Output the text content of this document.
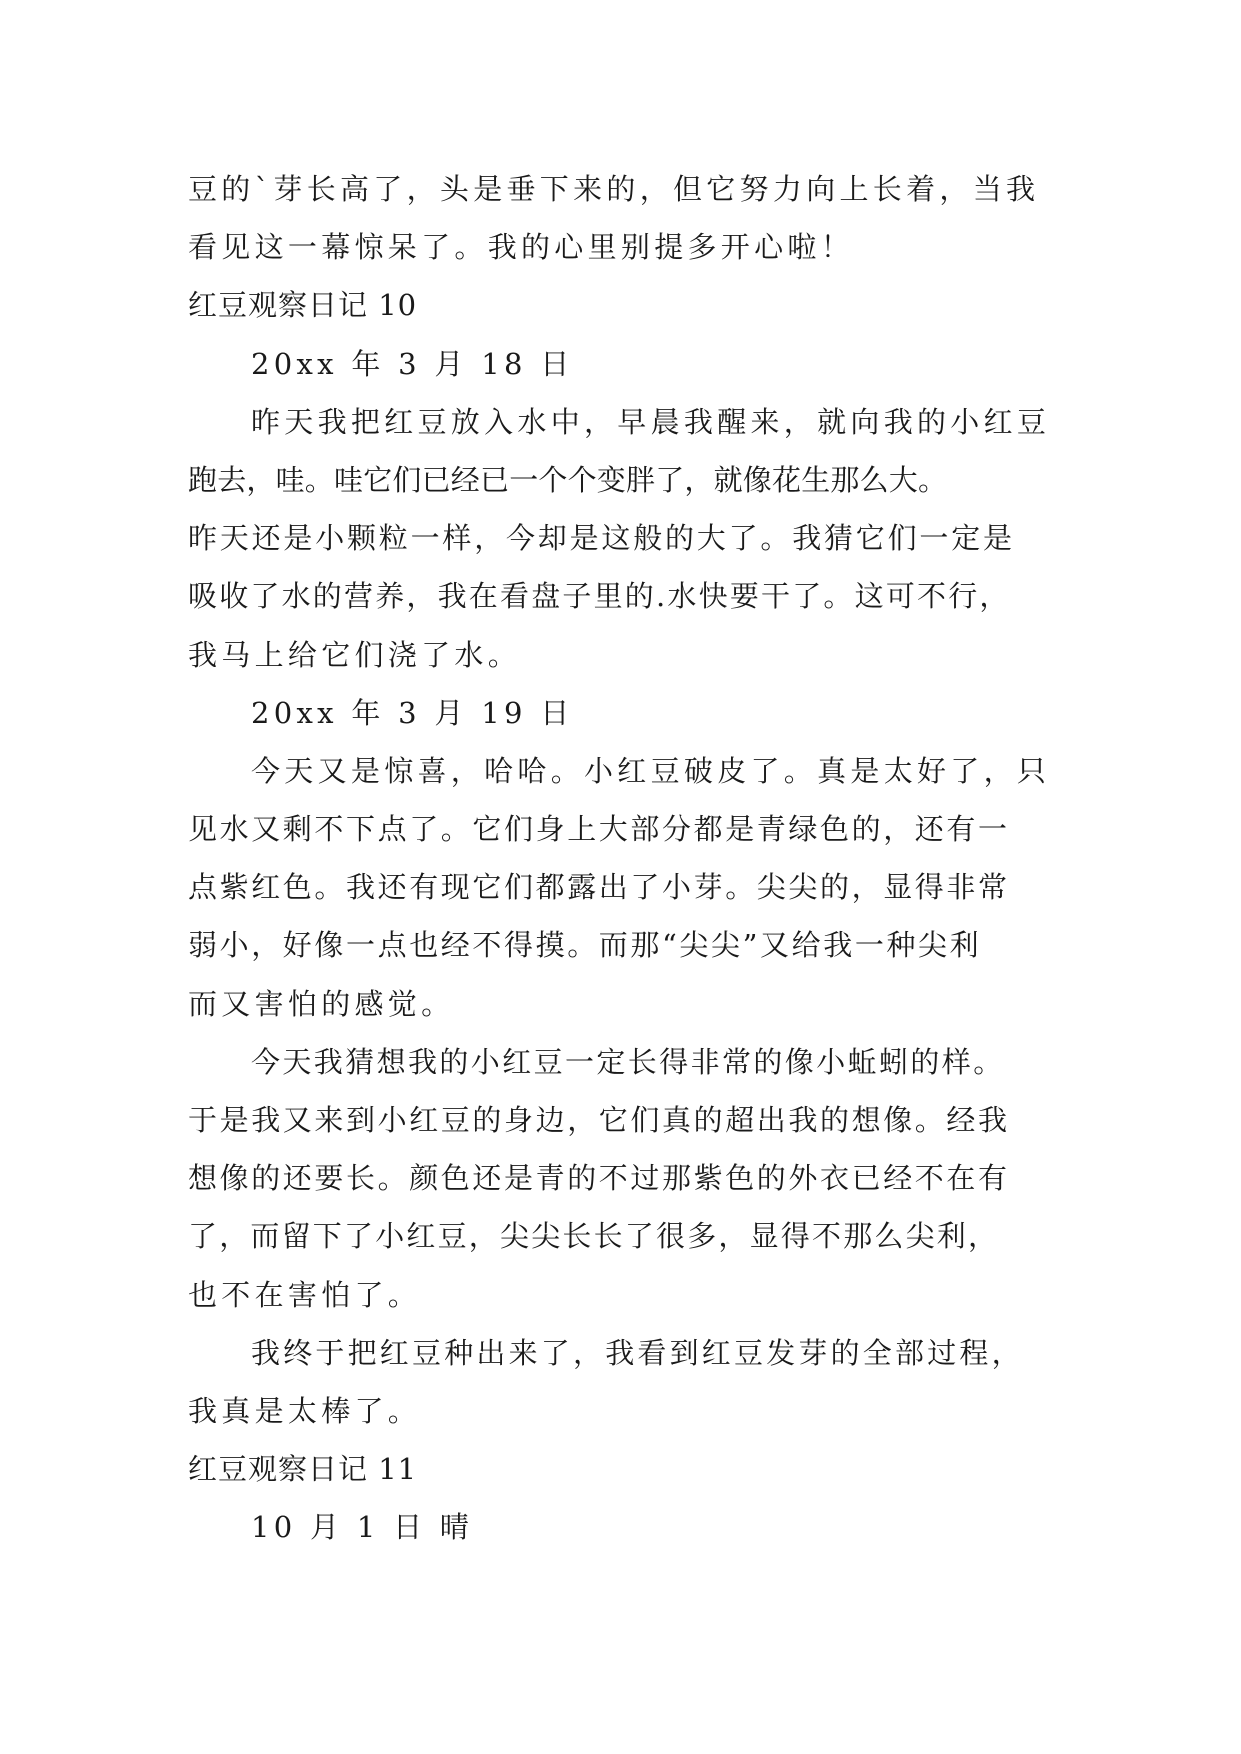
豆的`芽长高了，头是垂下来的，但它努力向上长着，当我
看见这一幕惊呆了。我的心里别提多开心啦！
红豆观察日记 10
20xx 年 3 月 18 日
昨天我把红豆放入水中，早晨我醒来，就向我的小红豆
跑去，哇。哇它们已经已一个个变胖了，就像花生那么大。
昨天还是小颗粒一样，今却是这般的大了。我猜它们一定是
吸收了水的营养，我在看盘子里的.水快要干了。这可不行，
我马上给它们浇了水。
20xx 年 3 月 19 日
今天又是惊喜，哈哈。小红豆破皮了。真是太好了，只
见水又剩不下点了。它们身上大部分都是青绿色的，还有一
点紫红色。我还有现它们都露出了小芽。尖尖的，显得非常
弱小，好像一点也经不得摸。而那“尖尖”又给我一种尖利
而又害怕的感觉。
今天我猜想我的小红豆一定长得非常的像小蚯蚓的样。
于是我又来到小红豆的身边，它们真的超出我的想像。经我
想像的还要长。颜色还是青的不过那紫色的外衣已经不在有
了，而留下了小红豆，尖尖长长了很多，显得不那么尖利，
也不在害怕了。
我终于把红豆种出来了，我看到红豆发芽的全部过程，
我真是太棒了。
红豆观察日记 11
10 月 1 日 晴
